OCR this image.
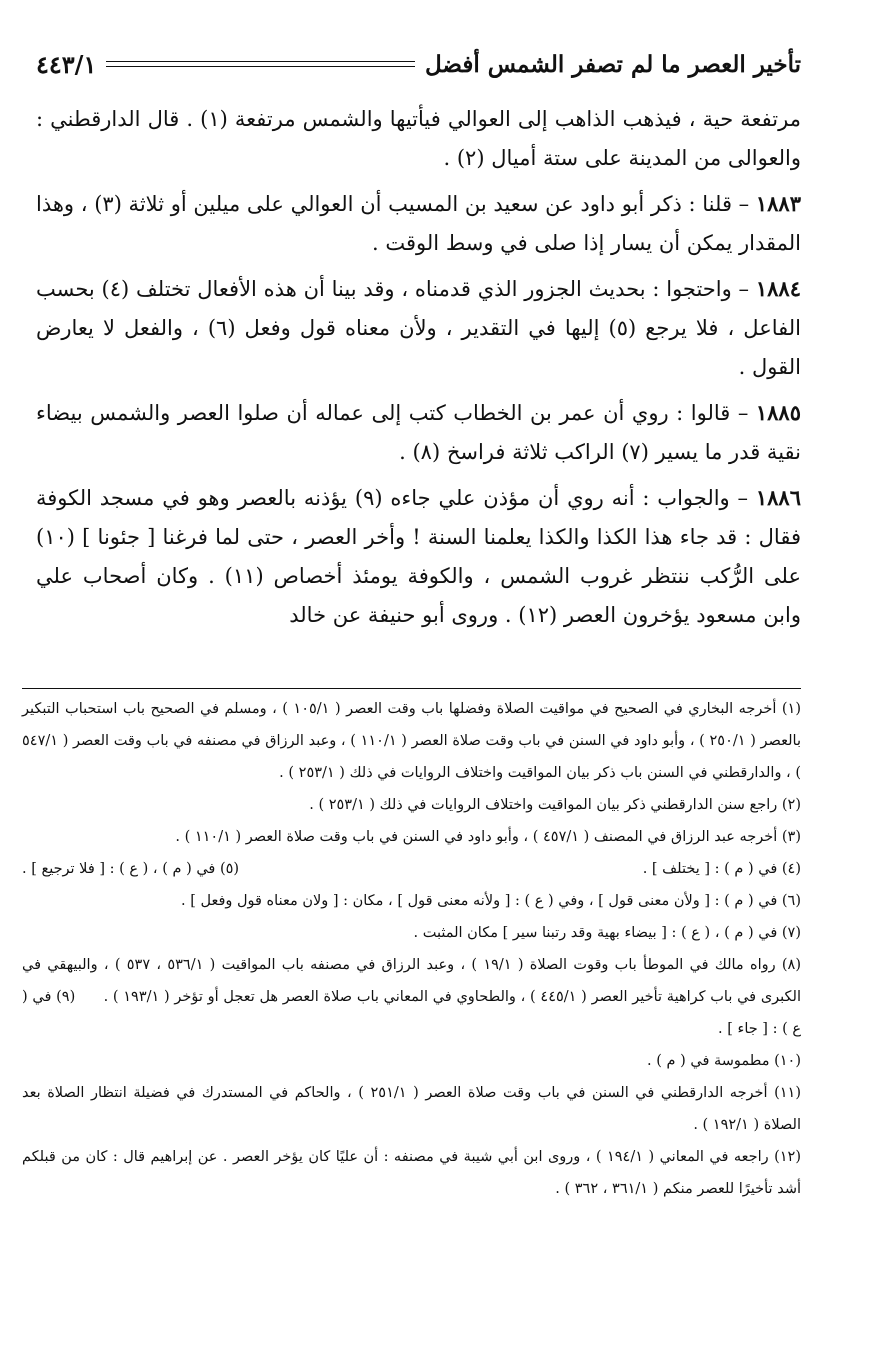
تأخير العصر ما لم تصفر الشمس أفضل
٤٤٣/١

مرتفعة حية ، فيذهب الذاهب إلى العوالي فيأتيها والشمس مرتفعة (١) . قال الدارقطني : والعوالى من المدينة على ستة أميال (٢) .

١٨٨٣ – قلنا : ذكر أبو داود عن سعيد بن المسيب أن العوالي على ميلين أو ثلاثة (٣) ، وهذا المقدار يمكن أن يسار إذا صلى في وسط الوقت .

١٨٨٤ – واحتجوا : بحديث الجزور الذي قدمناه ، وقد بينا أن هذه الأفعال تختلف (٤) بحسب الفاعل ، فلا يرجع (٥) إليها في التقدير ، ولأن معناه قول وفعل (٦) ، والفعل لا يعارض القول .

١٨٨٥ – قالوا : روي أن عمر بن الخطاب كتب إلى عماله أن صلوا العصر والشمس بيضاء نقية قدر ما يسير (٧) الراكب ثلاثة فراسخ (٨) .

١٨٨٦ – والجواب : أنه روي أن مؤذن علي جاءه (٩) يؤذنه بالعصر وهو في مسجد الكوفة فقال : قد جاء هذا الكذا والكذا يعلمنا السنة ! وأخر العصر ، حتى لما فرغنا [ جئونا ] (١٠) على الرُّكب ننتظر غروب الشمس ، والكوفة يومئذ أخصاص (١١) . وكان أصحاب علي وابن مسعود يؤخرون العصر (١٢) . وروى أبو حنيفة عن خالد

(١) أخرجه البخاري في الصحيح في مواقيت الصلاة وفضلها باب وقت العصر ( ١٠٥/١ ) ، ومسلم في الصحيح باب استحباب التبكير بالعصر ( ٢٥٠/١ ) ، وأبو داود في السنن في باب وقت صلاة العصر ( ١١٠/١ ) ، وعبد الرزاق في مصنفه في باب وقت العصر ( ٥٤٧/١ ) ، والدارقطني في السنن باب ذكر بيان المواقيت واختلاف الروايات في ذلك ( ٢٥٣/١ ) .

(٢) راجع سنن الدارقطني ذكر بيان المواقيت واختلاف الروايات في ذلك ( ٢٥٣/١ ) .

(٣) أخرجه عبد الرزاق في المصنف ( ٤٥٧/١ ) ، وأبو داود في السنن في باب وقت صلاة العصر ( ١١٠/١ ) .

(٤) في ( م ) : [ يختلف ] .
(٥) في ( م ) ، ( ع ) : [ فلا ترجيع ] .

(٦) في ( م ) : [ ولأن معنى قول ] ، وفي ( ع ) : [ ولأنه معنى قول ] ، مكان : [ ولان معناه قول وفعل ] .

(٧) في ( م ) ، ( ع ) : [ بيضاء بهية وقد رتبنا سير ] مكان المثبت .

(٨) رواه مالك في الموطأ باب وقوت الصلاة ( ١٩/١ ) ، وعبد الرزاق في مصنفه باب المواقيت ( ٥٣٦/١ ، ٥٣٧ ) ، والبيهقي في الكبرى في باب كراهية تأخير العصر ( ٤٤٥/١ ) ، والطحاوي في المعاني باب صلاة العصر هل تعجل أو تؤخر ( ١٩٣/١ ) .      (٩) في ( ع ) : [ جاء ] .

(١٠) مطموسة في ( م ) .

(١١) أخرجه الدارقطني في السنن في باب وقت صلاة العصر ( ٢٥١/١ ) ، والحاكم في المستدرك في فضيلة انتظار الصلاة بعد الصلاة ( ١٩٢/١ ) .

(١٢) راجعه في المعاني ( ١٩٤/١ ) ، وروى ابن أبي شيبة في مصنفه : أن عليًا كان يؤخر العصر . عن إبراهيم قال : كان من قبلكم أشد تأخيرًا للعصر منكم ( ٣٦١/١ ، ٣٦٢ ) .
